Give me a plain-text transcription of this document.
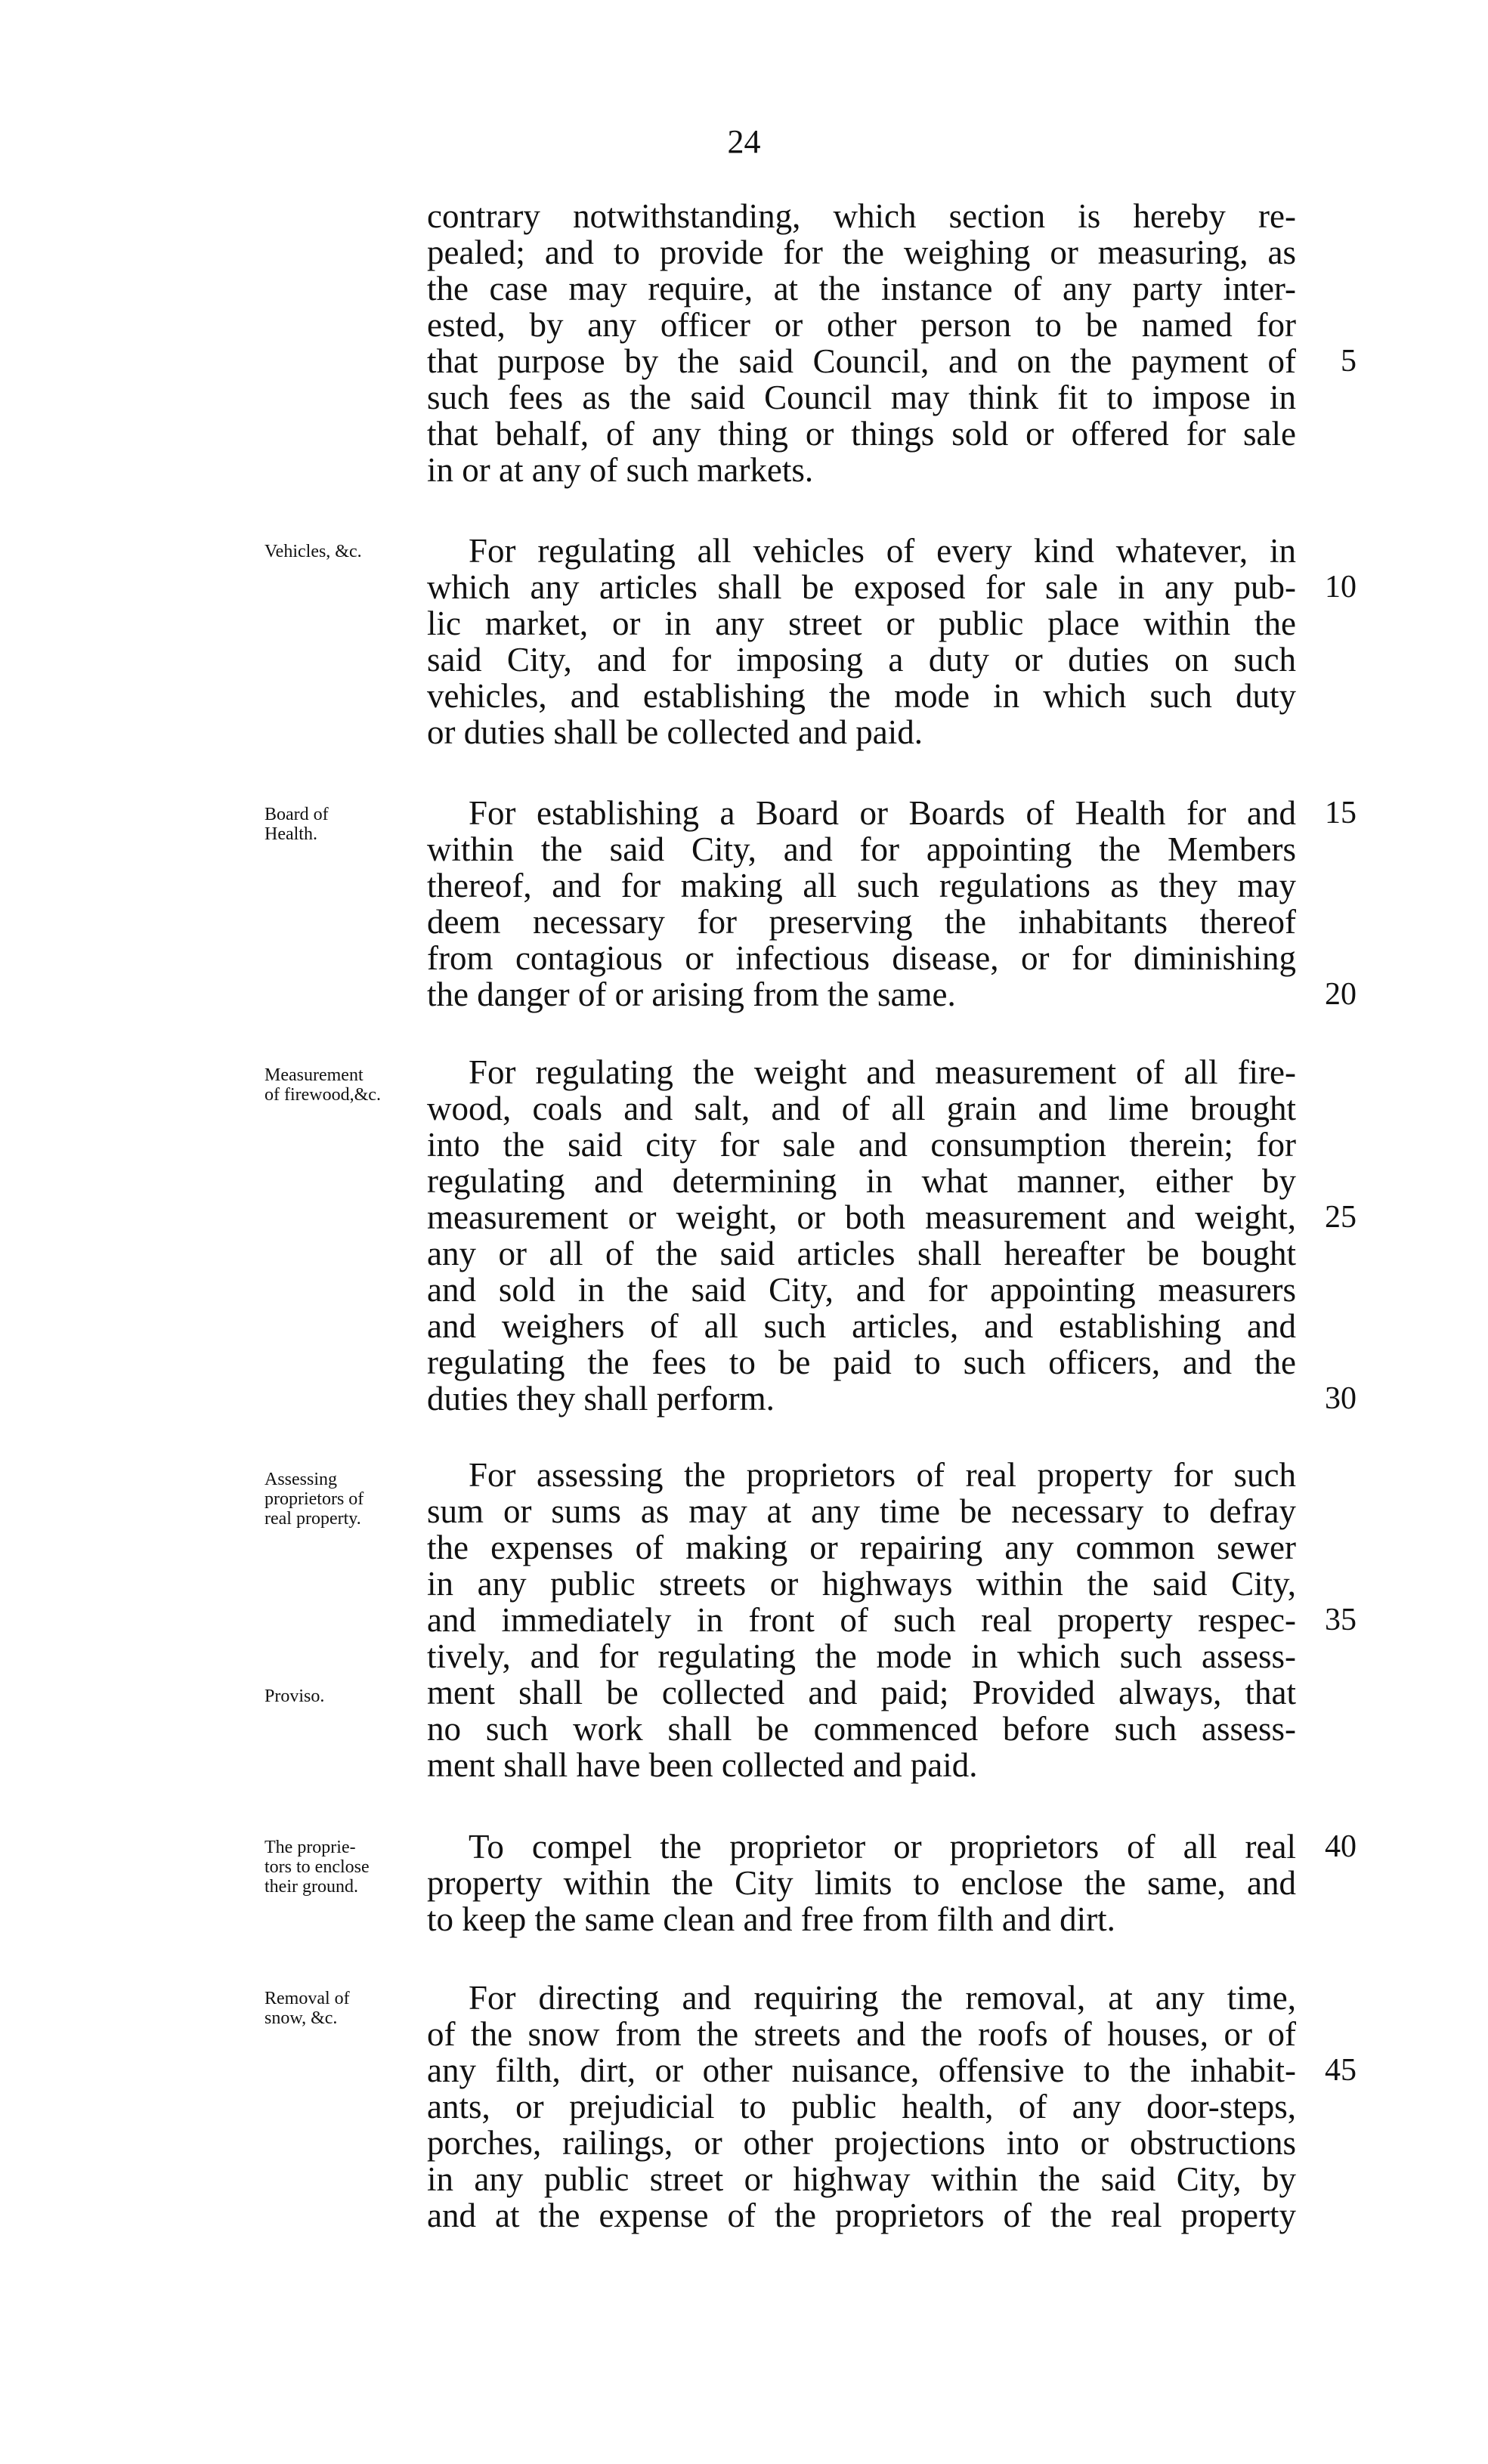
24
contrary notwithstanding, which section is hereby re-
pealed; and to provide for the weighing or measuring, as
the case may require, at the instance of any party inter-
ested, by any officer or other person to be named for
that purpose by the said Council, and on the payment of
such fees as the said Council may think fit to impose in
that behalf, of any thing or things sold or offered for sale
in or at any of such markets.
Vehicles, &c.	For regulating all vehicles of every kind whatever, in
which any articles shall be exposed for sale in any pub-
lic market, or in any street or public place within the
said City, and for imposing a duty or duties on such
vehicles, and establishing the mode in which such duty
or duties shall be collected and paid.
Board of
Health.
For establishing a Board or Boards of Health for and
within the said City, and for appointing the Members
thereof, and for making all such regulations as they may
deem necessary for preserving the inhabitants thereof
from contagious or infectious disease, or for diminishing
the danger of or arising from the same.
Measurement
of firewood,&c.
For regulating the weight and measurement of all fire-
wood, coals and salt, and of all grain and lime brought
into the said city for sale and consumption therein; for
regulating and determining in what manner, either by
measurement or weight, or both measurement and weight,
any or all of the said articles shall hereafter be bought
and sold in the said City, and for appointing measurers
and weighers of all such articles, and establishing and
regulating the fees to be paid to such officers, and the
duties they shall perform.
Assessing
proprietors of
real property.
Proviso.
For assessing the proprietors of real property for such
sum or sums as may at any time be necessary to defray
the expenses of making or repairing any common sewer
in any public streets or highways within the said City,
and immediately in front of such real property respec-
tively, and for regulating the mode in which such assess-
ment shall be collected and paid; Provided always, that
no such work shall be commenced before such assess-
ment shall have been collected and paid.
The proprie-
tors to enclose
their ground.
To compel the proprietor or proprietors of all real
property within the City limits to enclose the same, and
to keep the same clean and free from filth and dirt.
Removal of
snow, &c.
For directing and requiring the removal, at any time,
of the snow from the streets and the roofs of houses, or of
any filth, dirt, or other nuisance, offensive to the inhabit-
ants, or prejudicial to public health, of any door-steps,
porches, railings, or other projections into or obstructions
in any public street or highway within the said City, by
and at the expense of the proprietors of the real property
5
10
15
20
25
30
35
40
45
